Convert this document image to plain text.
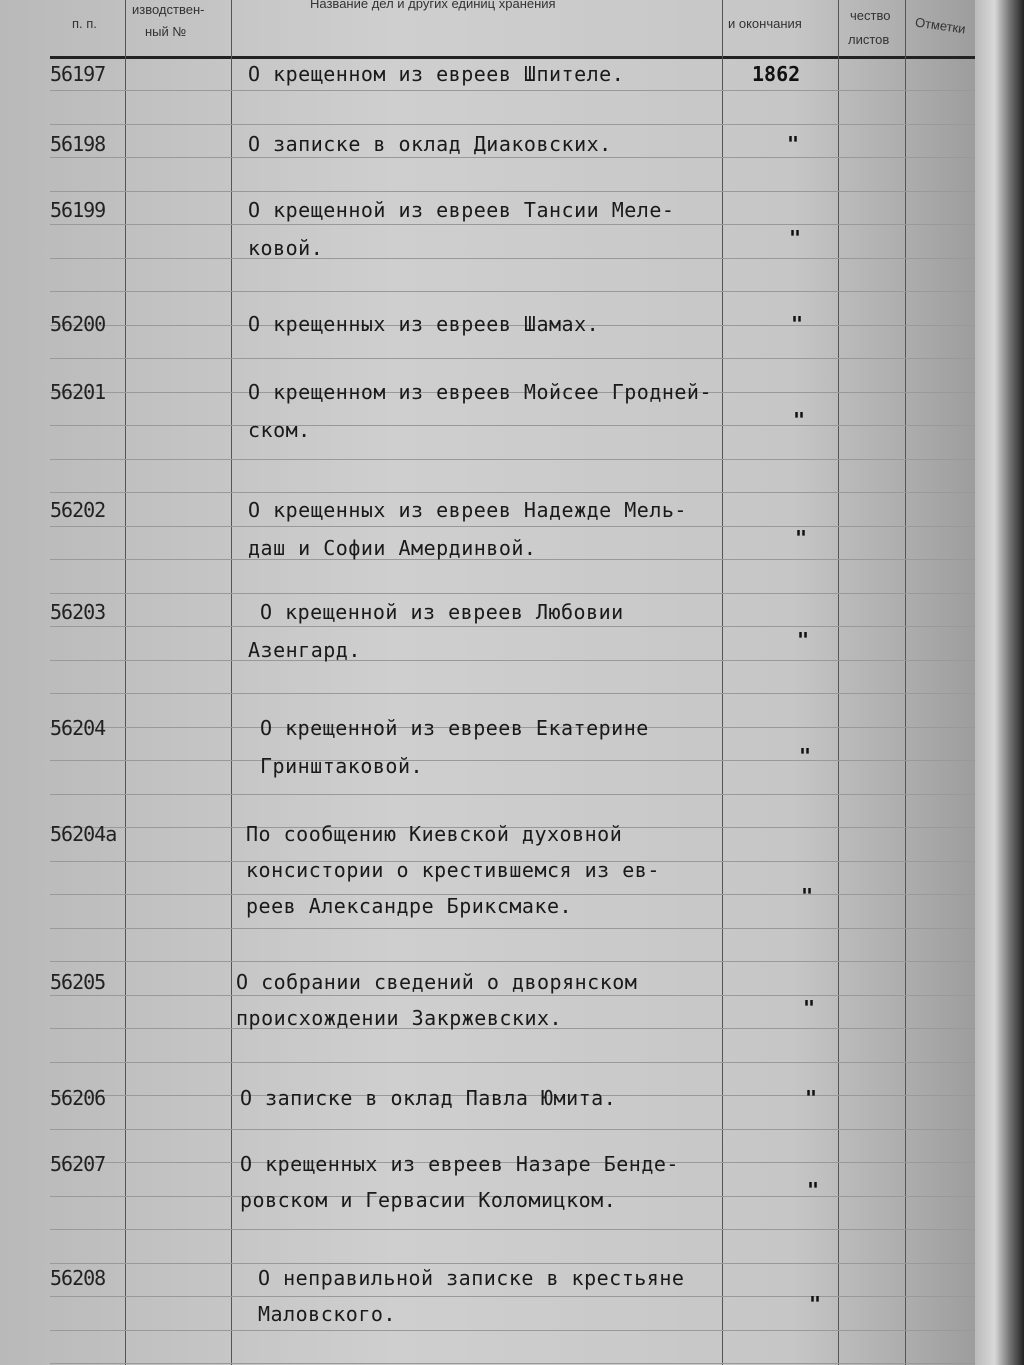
п. п.
изводствен-
ный №
Название дел и других единиц хранения
и окончания
чество
листов
Отметки
56197	О крещенном из евреев Шпителе.	1862
56198	О записке в оклад Диаковских.	"
56199	О крещенной из евреев Тансии Меле-
ковой.	"
56200	О крещенных из евреев Шамах.	"
56201	О крещенном из евреев Мойсее Гродней-
ском.	"
56202	О крещенных из евреев Надежде Мель-
даш и Софии Амердинвой.	"
56203	О крещенной из евреев Любовии
Азенгард.	"
56204	О крещенной из евреев Екатерине
Гринштаковой.	"
56204а	По сообщению Киевской духовной
консистории о крестившемся из ев-
реев Александре Бриксмаке.	"
56205	О собрании сведений о дворянском
происхождении Закржевских.	"
56206	О записке в оклад Павла Юмита.	"
56207	О крещенных из евреев Назаре Бенде-
ровском и Гервасии Коломицком.	"
56208	О неправильной записке в крестьяне
Маловского.	"
